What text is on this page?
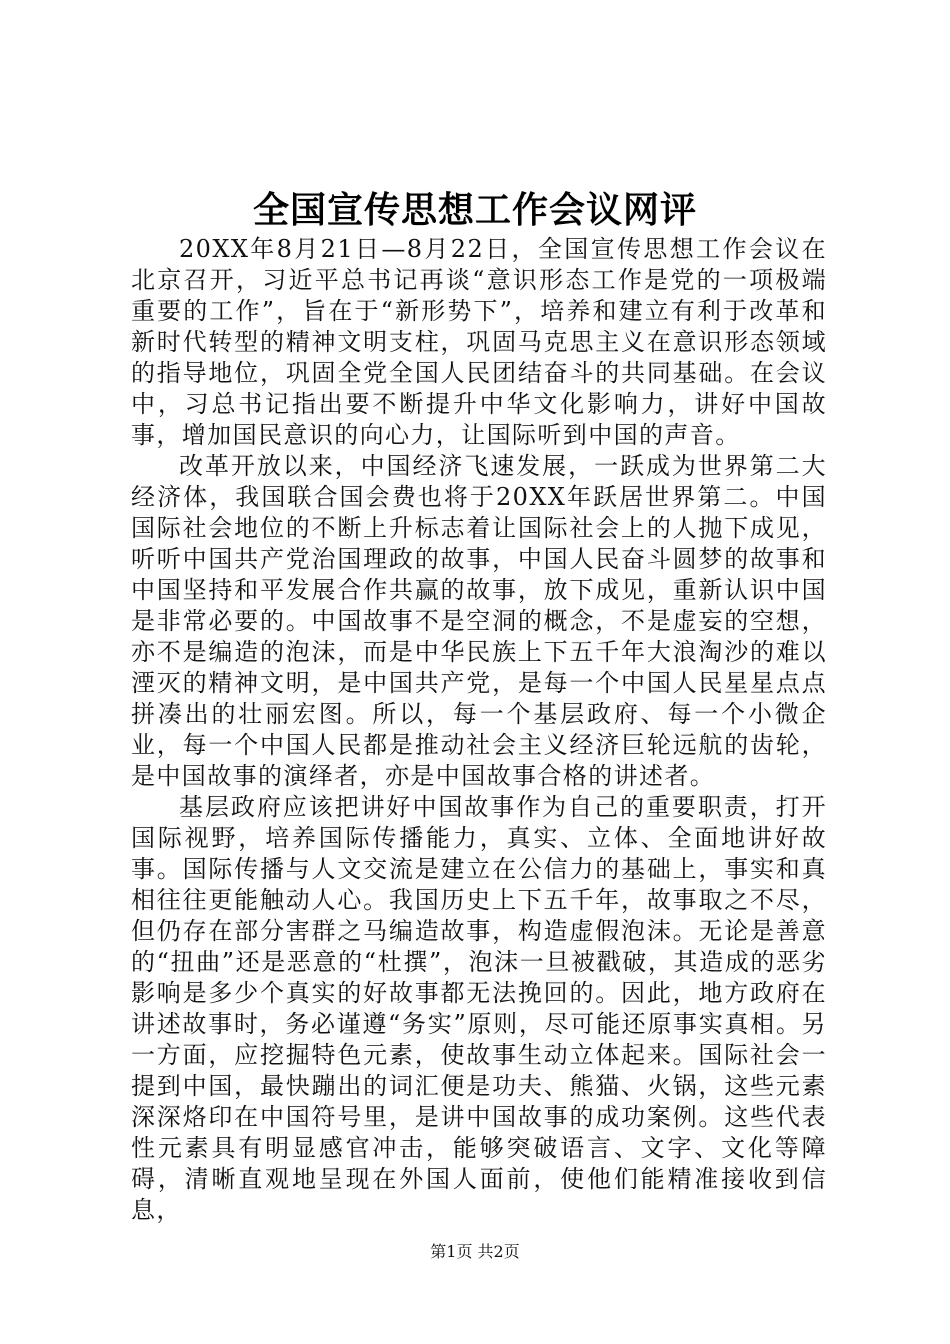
全国宣传思想工作会议网评

20XX年8月21日—8月22日，全国宣传思想工作会议在北京召开，习近平总书记再谈“意识形态工作是党的一项极端重要的工作”，旨在于“新形势下”，培养和建立有利于改革和新时代转型的精神文明支柱，巩固马克思主义在意识形态领域的指导地位，巩固全党全国人民团结奋斗的共同基础。在会议中，习总书记指出要不断提升中华文化影响力，讲好中国故事，增加国民意识的向心力，让国际听到中国的声音。

改革开放以来，中国经济飞速发展，一跃成为世界第二大经济体，我国联合国会费也将于20XX年跃居世界第二。中国国际社会地位的不断上升标志着让国际社会上的人抛下成见，听听中国共产党治国理政的故事，中国人民奋斗圆梦的故事和中国坚持和平发展合作共赢的故事，放下成见，重新认识中国是非常必要的。中国故事不是空洞的概念，不是虚妄的空想，亦不是编造的泡沫，而是中华民族上下五千年大浪淘沙的难以湮灭的精神文明，是中国共产党，是每一个中国人民星星点点拼凑出的壮丽宏图。所以，每一个基层政府、每一个小微企业，每一个中国人民都是推动社会主义经济巨轮远航的齿轮，是中国故事的演绎者，亦是中国故事合格的讲述者。

基层政府应该把讲好中国故事作为自己的重要职责，打开国际视野，培养国际传播能力，真实、立体、全面地讲好故事。国际传播与人文交流是建立在公信力的基础上，事实和真相往往更能触动人心。我国历史上下五千年，故事取之不尽，但仍存在部分害群之马编造故事，构造虚假泡沫。无论是善意的“扭曲”还是恶意的“杜撰”，泡沫一旦被戳破，其造成的恶劣影响是多少个真实的好故事都无法挽回的。因此，地方政府在讲述故事时，务必谨遵“务实”原则，尽可能还原事实真相。另一方面，应挖掘特色元素，使故事生动立体起来。国际社会一提到中国，最快蹦出的词汇便是功夫、熊猫、火锅，这些元素深深烙印在中国符号里，是讲中国故事的成功案例。这些代表性元素具有明显感官冲击，能够突破语言、文字、文化等障碍，清晰直观地呈现在外国人面前，使他们能精准接收到信息，

第1页 共2页
